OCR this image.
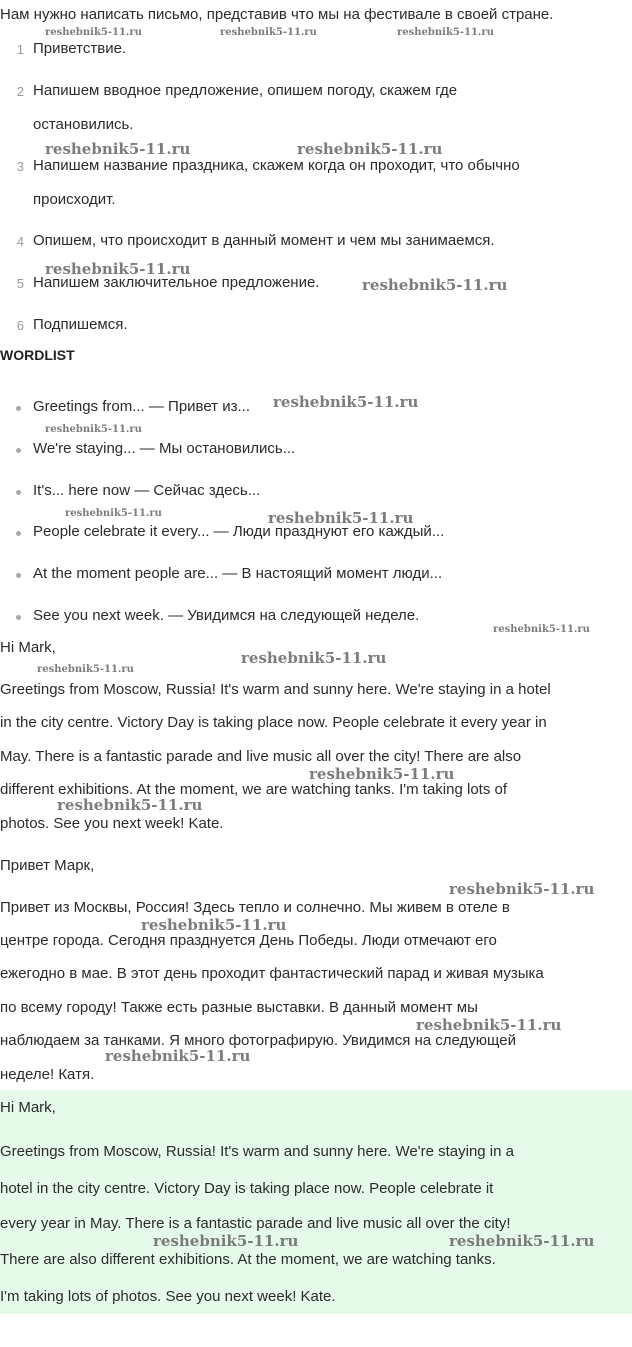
Нам нужно написать письмо, представив что мы на фестивале в своей стране.
1 Приветствие.
2 Напишем вводное предложение, опишем погоду, скажем где
остановились.
3 Напишем название праздника, скажем когда он проходит, что обычно
происходит.
4 Опишем, что происходит в данный момент и чем мы занимаемся.
5 Напишем заключительное предложение.
6 Подпишемся.
WORDLIST
Greetings from... — Привет из...
We're staying... — Мы остановились...
It's... here now — Сейчас здесь...
People celebrate it every... — Люди празднуют его каждый...
At the moment people are... — В настоящий момент люди...
See you next week. — Увидимся на следующей неделе.
Hi Mark,
Greetings from Moscow, Russia! It's warm and sunny here. We're staying in a hotel
in the city centre. Victory Day is taking place now. People celebrate it every year in
May. There is a fantastic parade and live music all over the city! There are also
different exhibitions. At the moment, we are watching tanks. I'm taking lots of
photos. See you next week! Kate.
Привет Марк,
Привет из Москвы, Россия! Здесь тепло и солнечно. Мы живем в отеле в
центре города. Сегодня празднуется День Победы. Люди отмечают его
ежегодно в мае. В этот день проходит фантастический парад и живая музыка
по всему городу! Также есть разные выставки. В данный момент мы
наблюдаем за танками. Я много фотографирую. Увидимся на следующей
неделе! Катя.
Hi Mark,
Greetings from Moscow, Russia! It's warm and sunny here. We're staying in a
hotel in the city centre. Victory Day is taking place now. People celebrate it
every year in May. There is a fantastic parade and live music all over the city!
There are also different exhibitions. At the moment, we are watching tanks.
I'm taking lots of photos. See you next week! Kate.
reshebnik5-11.ru	reshebnik5-11.ru	reshebnik5-11.ru
reshebnik5-11.ru	reshebnik5-11.ru
reshebnik5-11.ru
reshebnik5-11.ru
reshebnik5-11.ru
reshebnik5-11.ru
reshebnik5-11.ru	reshebnik5-11.ru
reshebnik5-11.ru
reshebnik5-11.ru
reshebnik5-11.ru
reshebnik5-11.ru
reshebnik5-11.ru
reshebnik5-11.ru
reshebnik5-11.ru
reshebnik5-11.ru
reshebnik5-11.ru
reshebnik5-11.ru	reshebnik5-11.ru
